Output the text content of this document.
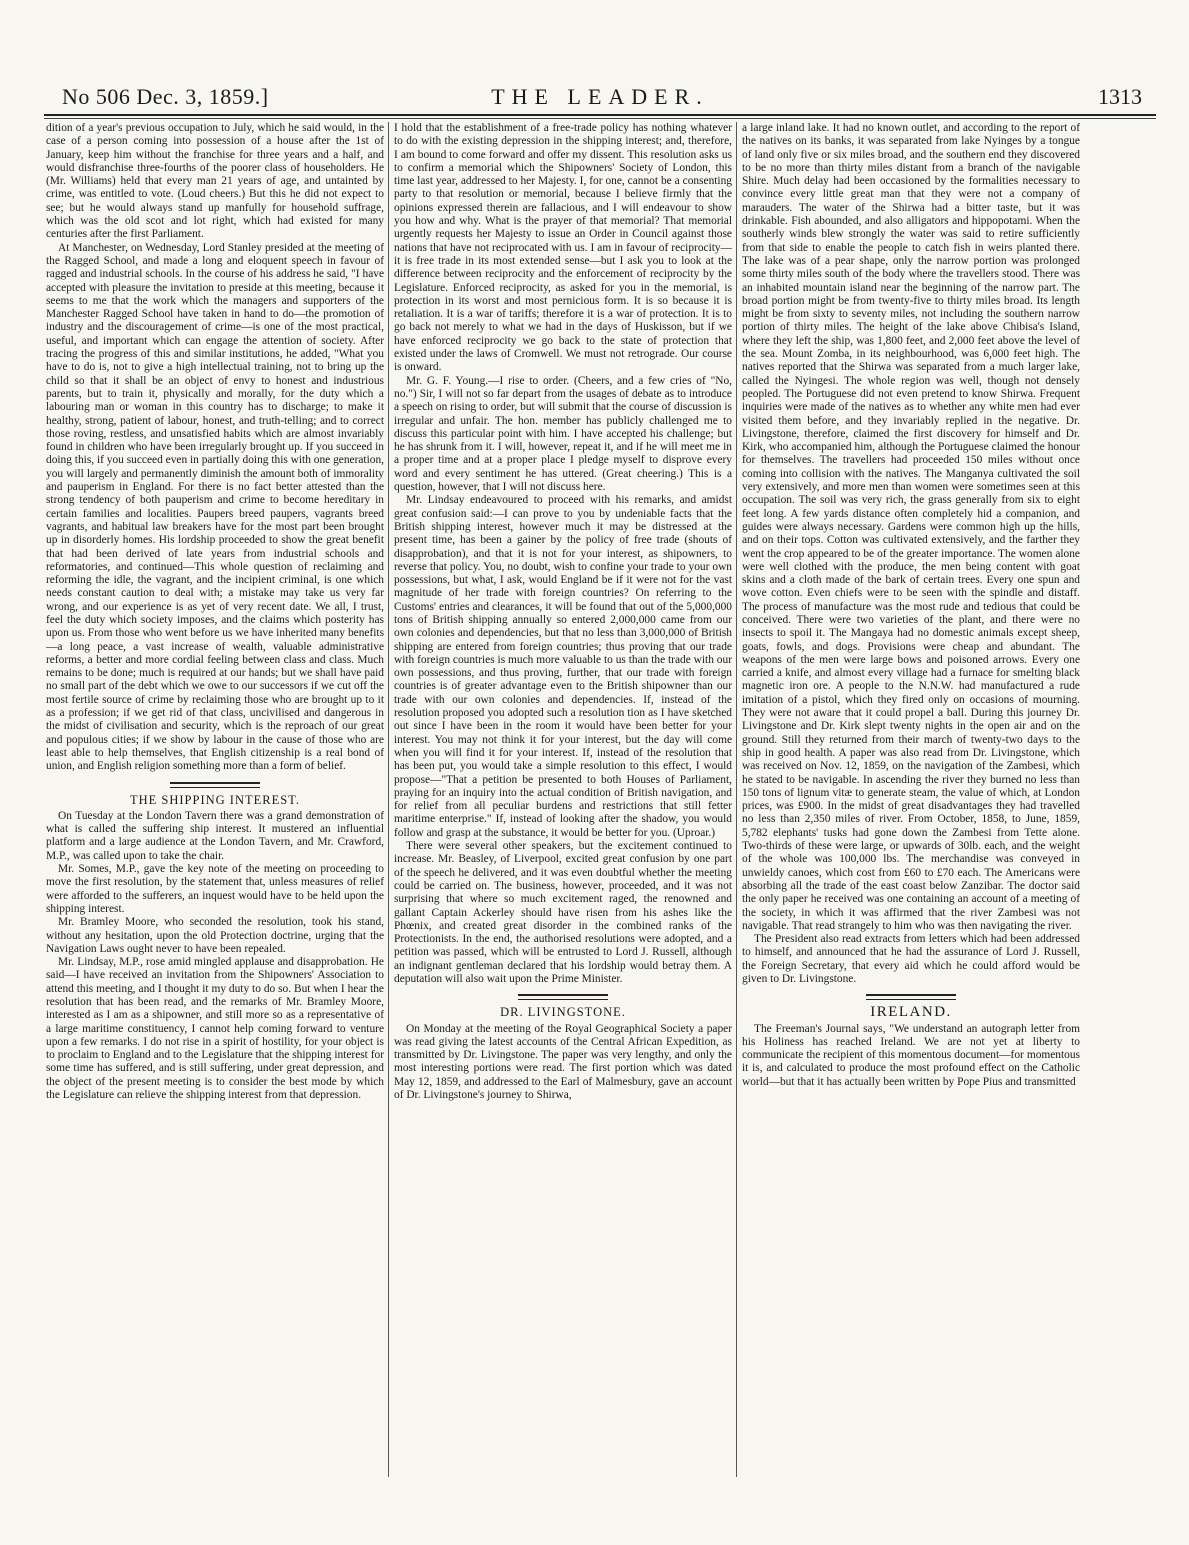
THE LEADER.
No 506 Dec. 3, 1859.]	1313

dition of a year's previous occupation to July, which he said would, in the case of a person coming into possession of a house after the 1st of January, keep him without the franchise for three years and a half, and would disfranchise three-fourths of the poorer class of householders. He (Mr. Williams) held that every man 21 years of age, and untainted by crime, was entitled to vote. (Loud cheers.) But this he did not expect to see; but he would always stand up manfully for household suffrage, which was the old scot and lot right, which had existed for many centuries after the first Parliament.

At Manchester, on Wednesday, Lord Stanley presided at the meeting of the Ragged School, and made a long and eloquent speech in favour of ragged and industrial schools. In the course of his address he said, "I have accepted with pleasure the invitation to preside at this meeting, because it seems to me that the work which the managers and supporters of the Manchester Ragged School have taken in hand to do—the promotion of industry and the discouragement of crime—is one of the most practical, useful, and important which can engage the attention of society. After tracing the progress of this and similar institutions, he added, "What you have to do is, not to give a high intellectual training, not to bring up the child so that it shall be an object of envy to honest and industrious parents, but to train it, physically and morally, for the duty which a labouring man or woman in this country has to discharge; to make it healthy, strong, patient of labour, honest, and truth-telling; and to correct those roving, restless, and unsatisfied habits which are almost invariably found in children who have been irregularly brought up. If you succeed in doing this, if you succeed even in partially doing this with one generation, you will largely and permanently diminish the amount both of immorality and pauperism in England. For there is no fact better attested than the strong tendency of both pauperism and crime to become hereditary in certain families and localities. Paupers breed paupers, vagrants breed vagrants, and habitual law breakers have for the most part been brought up in disorderly homes. His lordship proceeded to show the great benefit that had been derived of late years from industrial schools and reformatories, and continued—This whole question of reclaiming and reforming the idle, the vagrant, and the incipient criminal, is one which needs constant caution to deal with; a mistake may take us very far wrong, and our experience is as yet of very recent date. We all, I trust, feel the duty which society imposes, and the claims which posterity has upon us. From those who went before us we have inherited many benefits—a long peace, a vast increase of wealth, valuable administrative reforms, a better and more cordial feeling between class and class. Much remains to be done; much is required at our hands; but we shall have paid no small part of the debt which we owe to our successors if we cut off the most fertile source of crime by reclaiming those who are brought up to it as a profession; if we get rid of that class, uncivilised and dangerous in the midst of civilisation and security, which is the reproach of our great and populous cities; if we show by labour in the cause of those who are least able to help themselves, that English citizenship is a real bond of union, and English religion something more than a form of belief.

THE SHIPPING INTEREST.

On Tuesday at the London Tavern there was a grand demonstration of what is called the suffering ship interest. It mustered an influential platform and a large audience at the London Tavern, and Mr. Crawford, M.P., was called upon to take the chair.

Mr. Somes, M.P., gave the key note of the meeting on proceeding to move the first resolution, by the statement that, unless measures of relief were afforded to the sufferers, an inquest would have to be held upon the shipping interest.

Mr. Bramley Moore, who seconded the resolution, took his stand, without any hesitation, upon the old Protection doctrine, urging that the Navigation Laws ought never to have been repealed.

Mr. Lindsay, M.P., rose amid mingled applause and disapprobation. He said—I have received an invitation from the Shipowners' Association to attend this meeting, and I thought it my duty to do so. But when I hear the resolution that has been read, and the remarks of Mr. Bramley Moore, interested as I am as a shipowner, and still more so as a representative of a large maritime constituency, I cannot help coming forward to venture upon a few remarks. I do not rise in a spirit of hostility, for your object is to proclaim to England and to the Legislature that the shipping interest for some time has suffered, and is still suffering, under great depression, and the object of the present meeting is to consider the best mode by which the Legislature can relieve the shipping interest from that depression.

I hold that the establishment of a free-trade policy has nothing whatever to do with the existing depression in the shipping interest; and, therefore, I am bound to come forward and offer my dissent. This resolution asks us to confirm a memorial which the Shipowners' Society of London, this time last year, addressed to her Majesty. I, for one, cannot be a consenting party to that resolution or memorial, because I believe firmly that the opinions expressed therein are fallacious, and I will endeavour to show you how and why. What is the prayer of that memorial? That memorial urgently requests her Majesty to issue an Order in Council against those nations that have not reciprocated with us. I am in favour of reciprocity—it is free trade in its most extended sense—but I ask you to look at the difference between reciprocity and the enforcement of reciprocity by the Legislature. Enforced reciprocity, as asked for you in the memorial, is protection in its worst and most pernicious form. It is so because it is retaliation. It is a war of tariffs; therefore it is a war of protection. It is to go back not merely to what we had in the days of Huskisson, but if we have enforced reciprocity we go back to the state of protection that existed under the laws of Cromwell. We must not retrograde. Our course is onward.

Mr. G. F. Young.—I rise to order. (Cheers, and a few cries of "No, no.") Sir, I will not so far depart from the usages of debate as to introduce a speech on rising to order, but will submit that the course of discussion is irregular and unfair. The hon. member has publicly challenged me to discuss this particular point with him. I have accepted his challenge; but he has shrunk from it. I will, however, repeat it, and if he will meet me in a proper time and at a proper place I pledge myself to disprove every word and every sentiment he has uttered. (Great cheering.) This is a question, however, that I will not discuss here.

Mr. Lindsay endeavoured to proceed with his remarks, and amidst great confusion said:—I can prove to you by undeniable facts that the British shipping interest, however much it may be distressed at the present time, has been a gainer by the policy of free trade (shouts of disapprobation), and that it is not for your interest, as shipowners, to reverse that policy. You, no doubt, wish to confine your trade to your own possessions, but what, I ask, would England be if it were not for the vast magnitude of her trade with foreign countries? On referring to the Customs' entries and clearances, it will be found that out of the 5,000,000 tons of British shipping annually so entered 2,000,000 came from our own colonies and dependencies, but that no less than 3,000,000 of British shipping are entered from foreign countries; thus proving that our trade with foreign countries is much more valuable to us than the trade with our own possessions, and thus proving, further, that our trade with foreign countries is of greater advantage even to the British shipowner than our trade with our own colonies and dependencies. If, instead of the resolution proposed you adopted such a resolution tion as I have sketched out since I have been in the room it would have been better for your interest. You may not think it for your interest, but the day will come when you will find it for your interest. If, instead of the resolution that has been put, you would take a simple resolution to this effect, I would propose—"That a petition be presented to both Houses of Parliament, praying for an inquiry into the actual condition of British navigation, and for relief from all peculiar burdens and restrictions that still fetter maritime enterprise." If, instead of looking after the shadow, you would follow and grasp at the substance, it would be better for you. (Uproar.)

There were several other speakers, but the excitement continued to increase. Mr. Beasley, of Liverpool, excited great confusion by one part of the speech he delivered, and it was even doubtful whether the meeting could be carried on. The business, however, proceeded, and it was not surprising that where so much excitement raged, the renowned and gallant Captain Ackerley should have risen from his ashes like the Phœnix, and created great disorder in the combined ranks of the Protectionists. In the end, the authorised resolutions were adopted, and a petition was passed, which will be entrusted to Lord J. Russell, although an indignant gentleman declared that his lordship would betray them. A deputation will also wait upon the Prime Minister.

DR. LIVINGSTONE.

On Monday at the meeting of the Royal Geographical Society a paper was read giving the latest accounts of the Central African Expedition, as transmitted by Dr. Livingstone. The paper was very lengthy, and only the most interesting portions were read. The first portion which was dated May 12, 1859, and addressed to the Earl of Malmesbury, gave an account of Dr. Livingstone's journey to Shirwa,

a large inland lake. It had no known outlet, and according to the report of the natives on its banks, it was separated from lake Nyinges by a tongue of land only five or six miles broad, and the southern end they discovered to be no more than thirty miles distant from a branch of the navigable Shire. Much delay had been occasioned by the formalities necessary to convince every little great man that they were not a company of marauders. The water of the Shirwa had a bitter taste, but it was drinkable. Fish abounded, and also alligators and hippopotami. When the southerly winds blew strongly the water was said to retire sufficiently from that side to enable the people to catch fish in weirs planted there. The lake was of a pear shape, only the narrow portion was prolonged some thirty miles south of the body where the travellers stood. There was an inhabited mountain island near the beginning of the narrow part. The broad portion might be from twenty-five to thirty miles broad. Its length might be from sixty to seventy miles, not including the southern narrow portion of thirty miles. The height of the lake above Chibisa's Island, where they left the ship, was 1,800 feet, and 2,000 feet above the level of the sea. Mount Zomba, in its neighbourhood, was 6,000 feet high. The natives reported that the Shirwa was separated from a much larger lake, called the Nyingesi. The whole region was well, though not densely peopled. The Portuguese did not even pretend to know Shirwa. Frequent inquiries were made of the natives as to whether any white men had ever visited them before, and they invariably replied in the negative. Dr. Livingstone, therefore, claimed the first discovery for himself and Dr. Kirk, who accompanied him, although the Portuguese claimed the honour for themselves. The travellers had proceeded 150 miles without once coming into collision with the natives. The Manganya cultivated the soil very extensively, and more men than women were sometimes seen at this occupation. The soil was very rich, the grass generally from six to eight feet long. A few yards distance often completely hid a companion, and guides were always necessary. Gardens were common high up the hills, and on their tops. Cotton was cultivated extensively, and the farther they went the crop appeared to be of the greater importance. The women alone were well clothed with the produce, the men being content with goat skins and a cloth made of the bark of certain trees. Every one spun and wove cotton. Even chiefs were to be seen with the spindle and distaff. The process of manufacture was the most rude and tedious that could be conceived. There were two varieties of the plant, and there were no insects to spoil it. The Mangaya had no domestic animals except sheep, goats, fowls, and dogs. Provisions were cheap and abundant. The weapons of the men were large bows and poisoned arrows. Every one carried a knife, and almost every village had a furnace for smelting black magnetic iron ore. A people to the N.N.W. had manufactured a rude imitation of a pistol, which they fired only on occasions of mourning. They were not aware that it could propel a ball. During this journey Dr. Livingstone and Dr. Kirk slept twenty nights in the open air and on the ground. Still they returned from their march of twenty-two days to the ship in good health. A paper was also read from Dr. Livingstone, which was received on Nov. 12, 1859, on the navigation of the Zambesi, which he stated to be navigable. In ascending the river they burned no less than 150 tons of lignum vitæ to generate steam, the value of which, at London prices, was £900. In the midst of great disadvantages they had travelled no less than 2,350 miles of river. From October, 1858, to June, 1859, 5,782 elephants' tusks had gone down the Zambesi from Tette alone. Two-thirds of these were large, or upwards of 30lb. each, and the weight of the whole was 100,000 lbs. The merchandise was conveyed in unwieldy canoes, which cost from £60 to £70 each. The Americans were absorbing all the trade of the east coast below Zanzibar. The doctor said the only paper he received was one containing an account of a meeting of the society, in which it was affirmed that the river Zambesi was not navigable. That read strangely to him who was then navigating the river.

The President also read extracts from letters which had been addressed to himself, and announced that he had the assurance of Lord J. Russell, the Foreign Secretary, that every aid which he could afford would be given to Dr. Livingstone.

IRELAND.

The Freeman's Journal says, "We understand an autograph letter from his Holiness has reached Ireland. We are not yet at liberty to communicate the recipient of this momentous document—for momentous it is, and calculated to produce the most profound effect on the Catholic world—but that it has actually been written by Pope Pius and transmitted
